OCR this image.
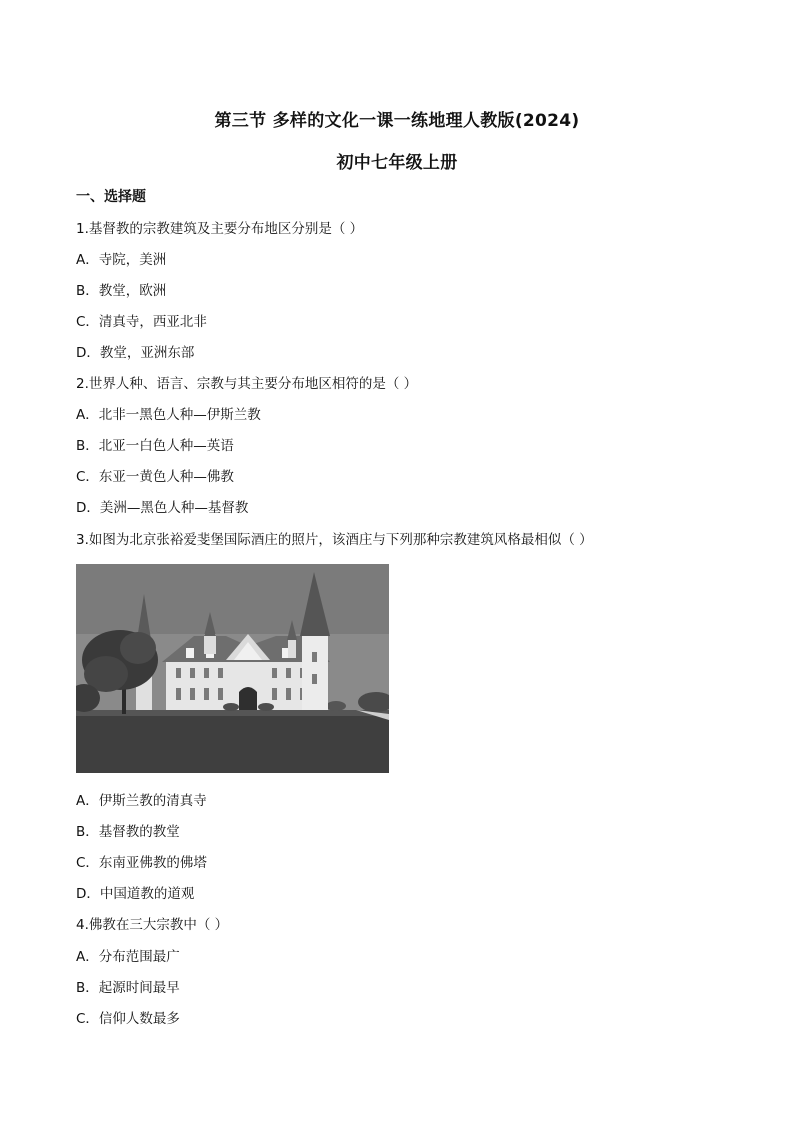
第三节 多样的文化一课一练地理人教版(2024)
初中七年级上册
一、选择题
1.基督教的宗教建筑及主要分布地区分别是（ ）
A．寺院，美洲
B．教堂，欧洲
C．清真寺，西亚北非
D．教堂，亚洲东部
2.世界人种、语言、宗教与其主要分布地区相符的是（ ）
A．北非一黑色人种—伊斯兰教
B．北亚一白色人种—英语
C．东亚一黄色人种—佛教
D．美洲—黑色人种—基督教
3.如图为北京张裕爱斐堡国际酒庄的照片，该酒庄与下列那种宗教建筑风格最相似（ ）
A．伊斯兰教的清真寺
B．基督教的教堂
C．东南亚佛教的佛塔
D．中国道教的道观
4.佛教在三大宗教中（ ）
A．分布范围最广
B．起源时间最早
C．信仰人数最多
